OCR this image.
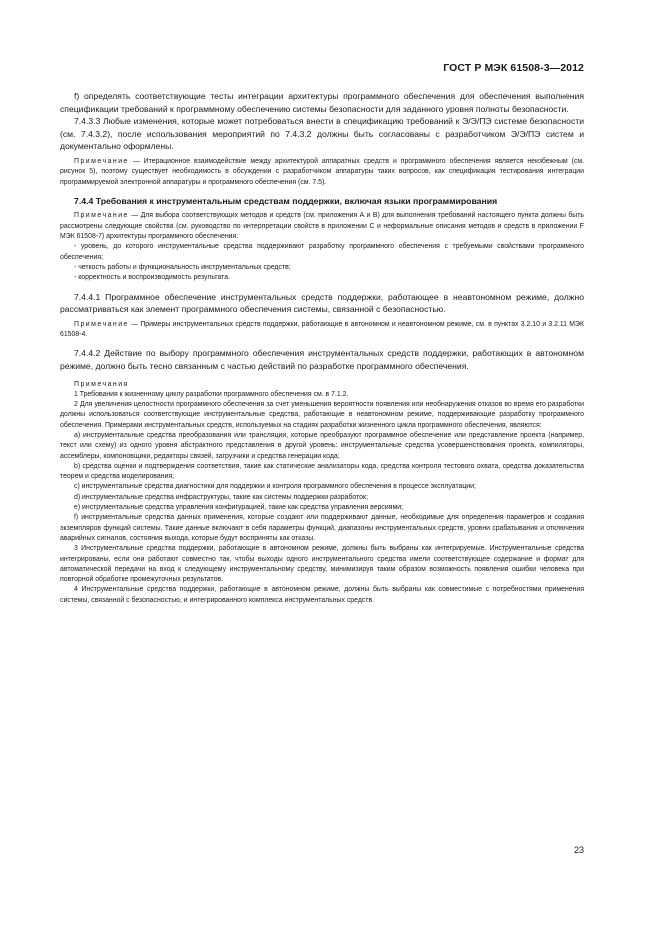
ГОСТ Р МЭК 61508-3—2012

f) определять соответствующие тесты интеграции архитектуры программного обеспечения для обеспечения выполнения спецификации требований к программному обеспечению системы безопасности для заданного уровня полноты безопасности.

7.4.3.3 Любые изменения, которые может потребоваться внести в спецификацию требований к Э/Э/ПЭ системе безопасности (см. 7.4.3.2), после использования мероприятий по 7.4.3.2 должны быть согласованы с разработчиком Э/Э/ПЭ систем и документально оформлены.

Примечание — Итерационное взаимодействие между архитектурой аппаратных средств и программного обеспечения является неизбежным (см. рисунок 5), поэтому существует необходимость в обсуждении с разработчиком аппаратуры таких вопросов, как спецификация тестирования интеграции программируемой электронной аппаратуры и программного обеспечения (см. 7.5).

7.4.4 Требования к инструментальным средствам поддержки, включая языки программирования

Примечание — Для выбора соответствующих методов и средств (см. приложения А и В) для выполнения требований настоящего пункта должны быть рассмотрены следующие свойства (см. руководство по интерпретации свойств в приложении С и неформальные описания методов и средств в приложении F МЭК 61508-7) архитектуры программного обеспечения:

- уровень, до которого инструментальные средства поддерживают разработку программного обеспечения с требуемыми свойствами программного обеспечения;

- четкость работы и функциональность инструментальных средств;

- корректность и воспроизводимость результата.

7.4.4.1 Программное обеспечение инструментальных средств поддержки, работающее в неавтономном режиме, должно рассматриваться как элемент программного обеспечения системы, связанной с безопасностью.

Примечание — Примеры инструментальных средств поддержки, работающие в автономном и неавтономном режиме, см. в пунктах 3.2.10 и 3.2.11 МЭК 61508-4.

7.4.4.2 Действие по выбору программного обеспечения инструментальных средств поддержки, работающих в автономном режиме, должно быть тесно связанным с частью действий по разработке программного обеспечения.

Примечания

1 Требования к жизненному циклу разработки программного обеспечения см. в 7.1.2.

2 Для увеличения целостности программного обеспечения за счет уменьшения вероятности появления или необнаружения отказов во время его разработки должны использоваться соответствующие инструментальные средства, работающие в неавтономном режиме, поддерживающие разработку программного обеспечения. Примерами инструментальных средств, используемых на стадиях разработки жизненного цикла программного обеспечения, являются:

а) инструментальные средства преобразования или трансляции, которые преобразуют программное обеспечение или представление проекта (например, текст или схему) из одного уровня абстрактного представления в другой уровень: инструментальные средства усовершенствования проекта, компиляторы, ассемблеры, компоновщики, редакторы связей, загрузчики и средства генерации кода;

b) средства оценки и подтверждения соответствия, такие как статические анализаторы кода, средства контроля тестового охвата, средства доказательства теорем и средства моделирования;

с) инструментальные средства диагностики для поддержки и контроля программного обеспечения в процессе эксплуатации;

d) инструментальные средства инфраструктуры, такие как системы поддержки разработок;

е) инструментальные средства управления конфигурацией, такие как средства управления версиями;

f) инструментальные средства данных применения, которые создают или поддерживают данные, необходимые для определения параметров и создания экземпляров функций системы. Такие данные включают в себя параметры функций, диапазоны инструментальных средств, уровни срабатывания и отключения аварийных сигналов, состояния выхода, которые будут восприняты как отказы.

3 Инструментальные средства поддержки, работающие в автономном режиме, должны быть выбраны как интегрируемые. Инструментальные средства интегрированы, если они работают совместно так, чтобы выходы одного инструментального средства имели соответствующее содержание и формат для автоматической передачи на вход к следующему инструментальному средству, минимизируя таким образом возможность появления ошибки человека при повторной обработке промежуточных результатов.

4 Инструментальные средства поддержки, работающие в автономном режиме, должны быть выбраны как совместимые с потребностями применения системы, связанной с безопасностью, и интегрированного комплекса инструментальных средств.

23
